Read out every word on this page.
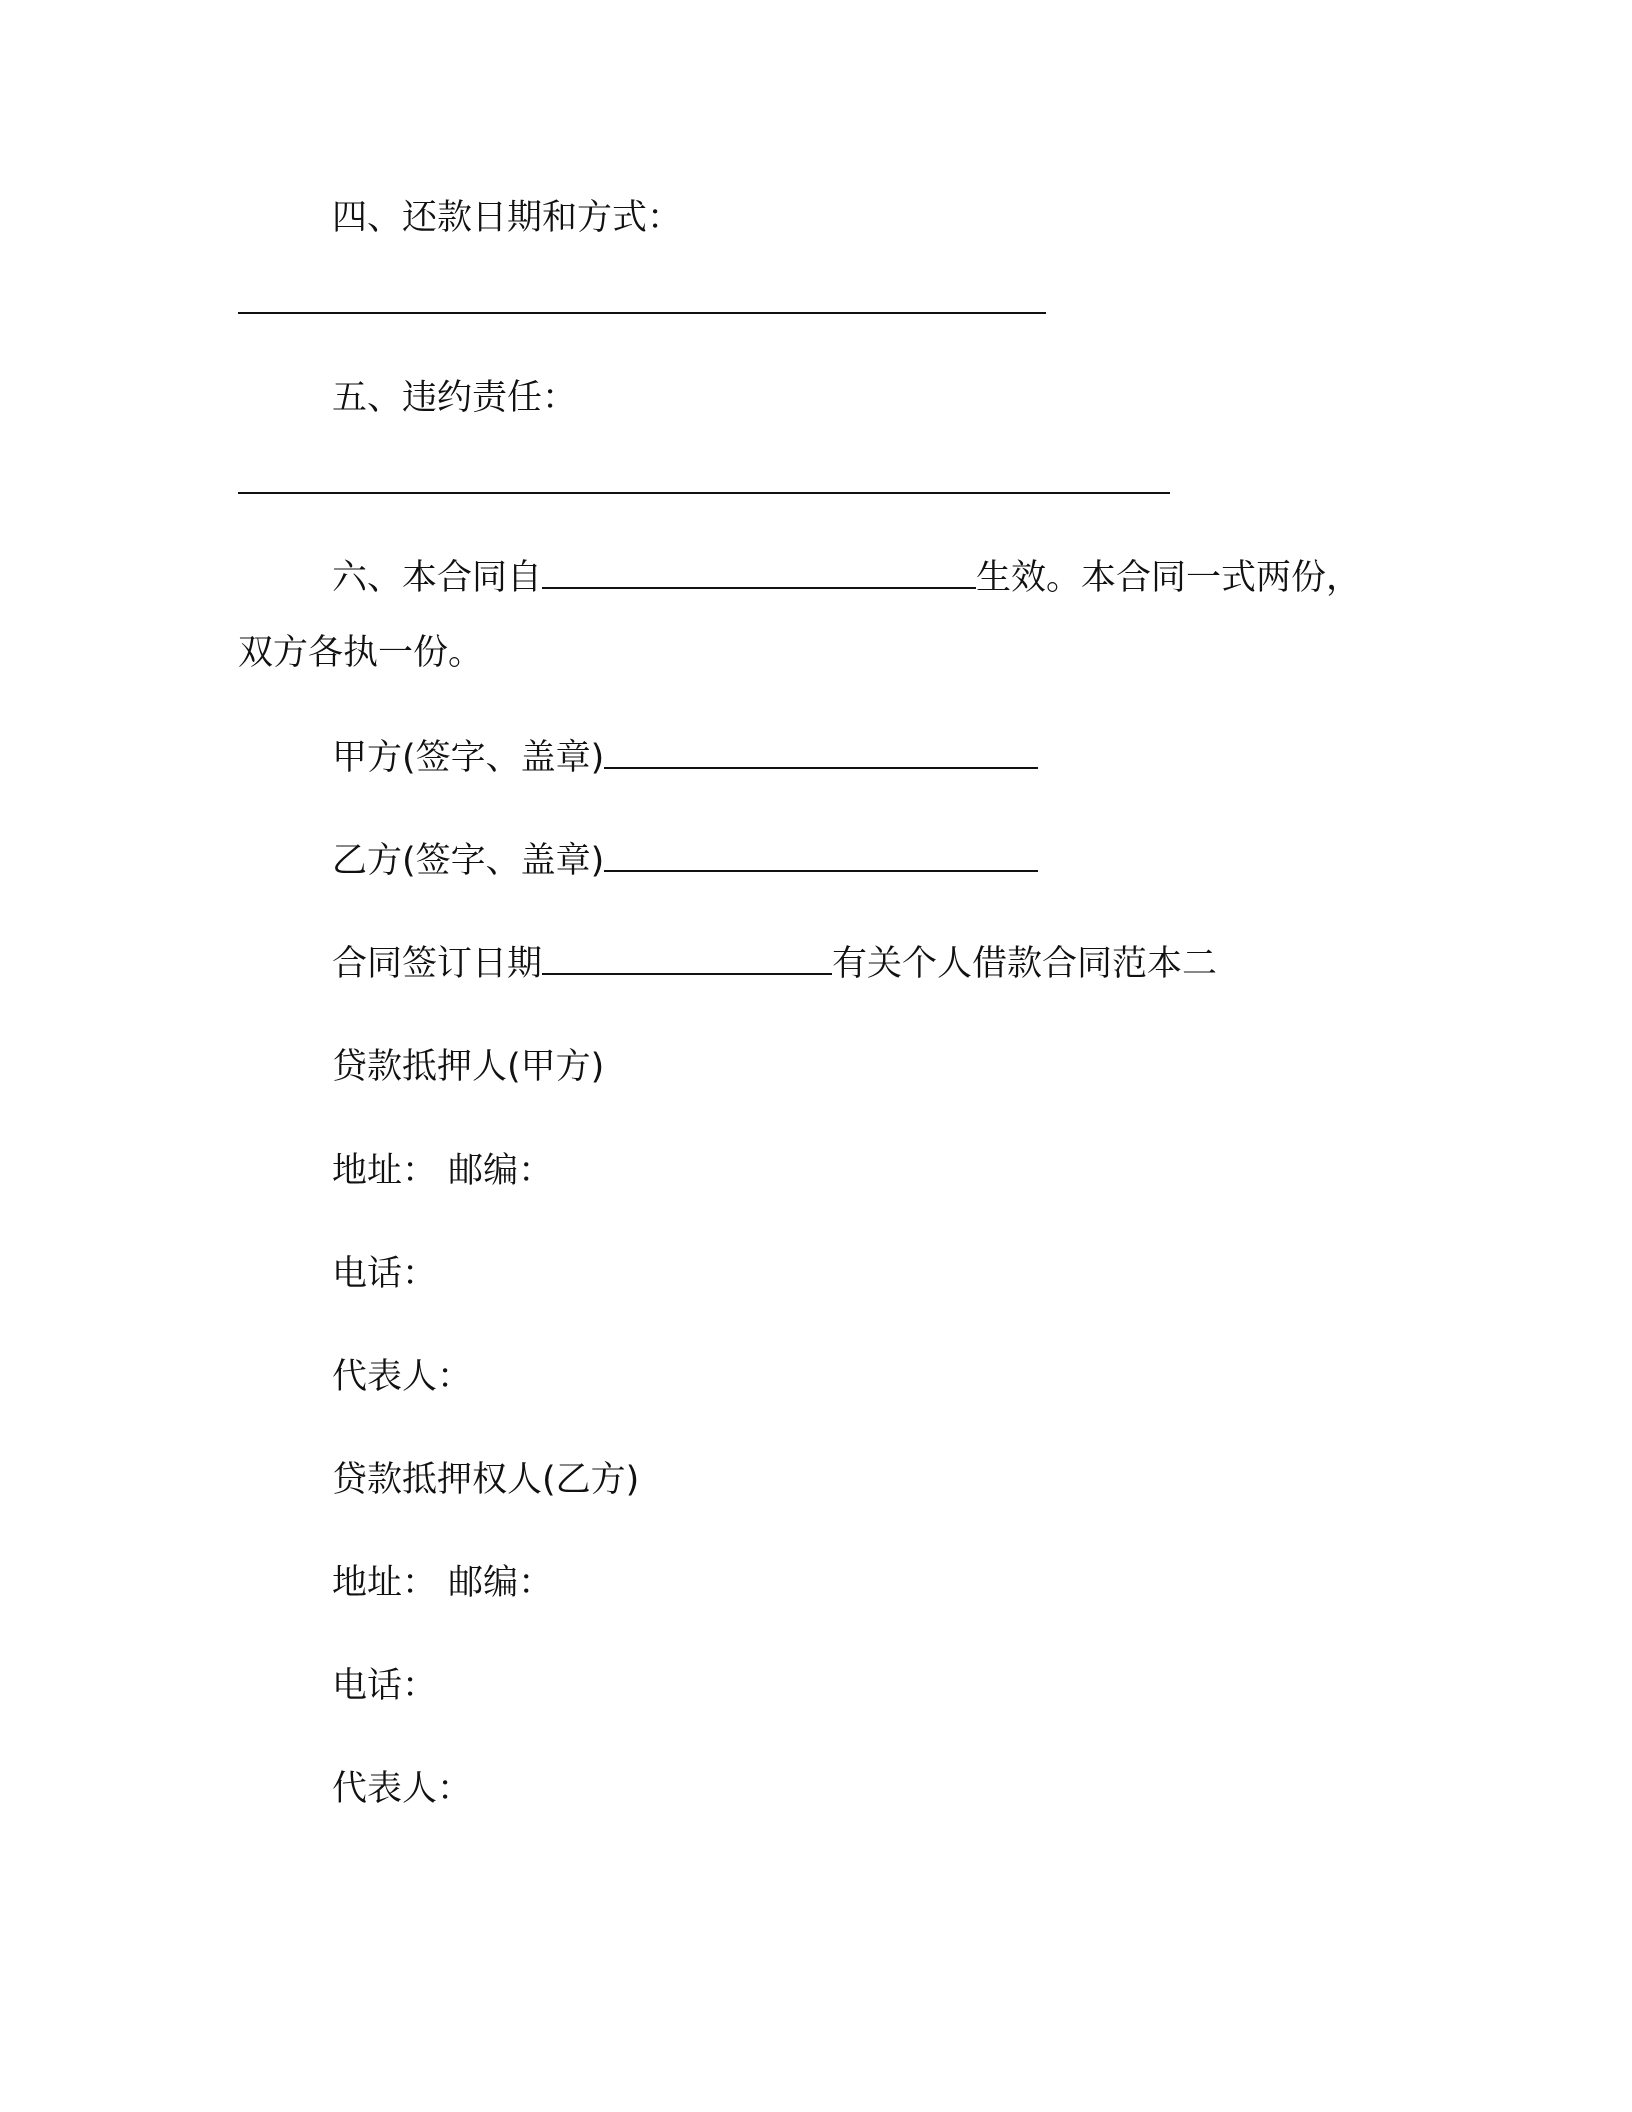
四、还款日期和方式：
五、违约责任：
六、本合同自	生效。本合同一式两份，
双方各执一份。
甲方(签字、盖章)
乙方(签字、盖章)
合同签订日期	有关个人借款合同范本二
贷款抵押人(甲方)
地址： 邮编：
电话：
代表人：
贷款抵押权人(乙方)
地址： 邮编：
电话：
代表人：
